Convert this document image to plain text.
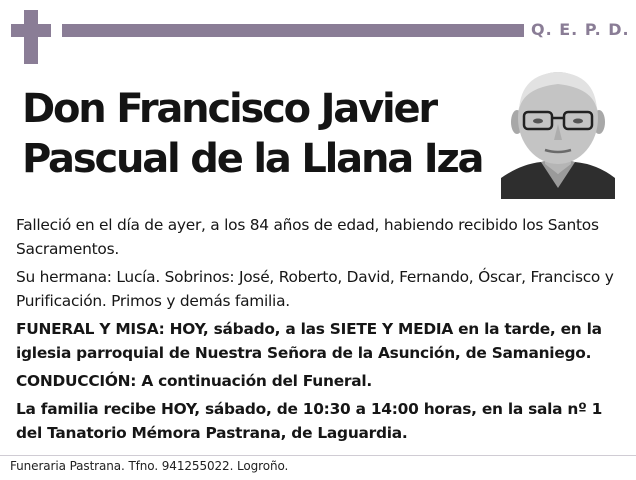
Q. E. P. D.
Don Francisco Javier
Pascual de la Llana Iza

Falleció en el día de ayer, a los 84 años de edad, habiendo recibido los Santos Sacramentos.

Su hermana: Lucía. Sobrinos: José, Roberto, David, Fernando, Óscar, Francisco y Purificación. Primos y demás familia.

FUNERAL Y MISA: HOY, sábado, a las SIETE Y MEDIA en la tarde, en la iglesia parroquial de Nuestra Señora de la Asunción, de Samaniego.

CONDUCCIÓN: A continuación del Funeral.

La familia recibe HOY, sábado, de 10:30 a 14:00 horas, en la sala nº 1 del Tanatorio Mémora Pastrana, de Laguardia.

Funeraria Pastrana. Tfno. 941255022. Logroño.
